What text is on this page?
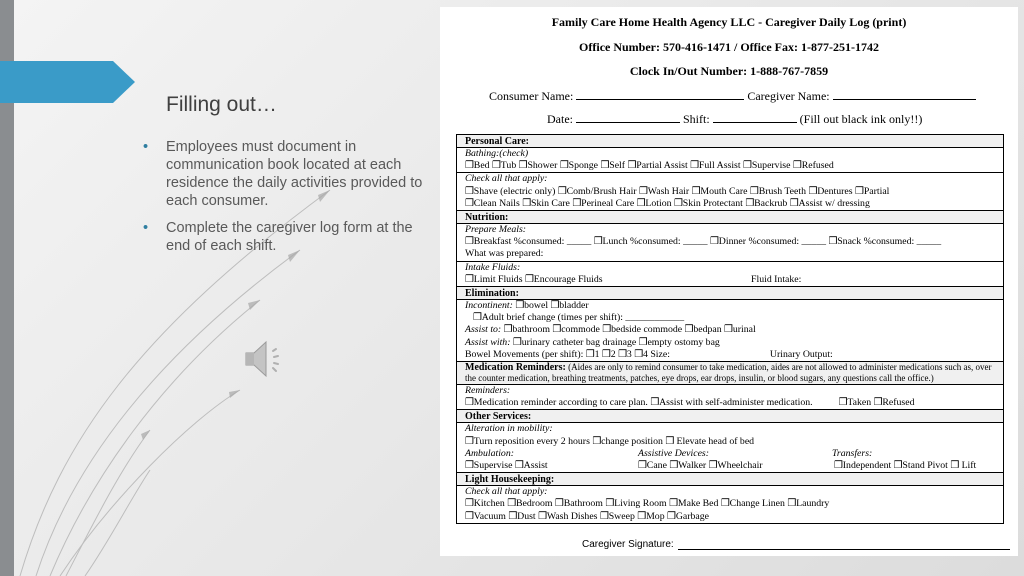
Filling out…
• Employees must document in communication book located at each residence the daily activities provided to each consumer.
• Complete the caregiver log form at the end of each shift.
Family Care Home Health Agency LLC - Caregiver Daily Log (print)
Office Number: 570-416-1471 / Office Fax: 1-877-251-1742
Clock In/Out Number: 1-888-767-7859
Consumer Name:	Caregiver Name:
Date:	Shift:	(Fill out black ink only!!)
Personal Care:
Bathing:(check)
❒Bed ❒Tub ❒Shower ❒Sponge ❒Self ❒Partial Assist ❒Full Assist ❒Supervise ❒Refused
Check all that apply:
❒Shave (electric only) ❒Comb/Brush Hair ❒Wash Hair ❒Mouth Care ❒Brush Teeth ❒Dentures ❒Partial
❒Clean Nails ❒Skin Care ❒Perineal Care ❒Lotion ❒Skin Protectant ❒Backrub ❒Assist w/ dressing
Nutrition:
Prepare Meals:
❒Breakfast %consumed: _____ ❒Lunch %consumed: _____ ❒Dinner %consumed: _____ ❒Snack %consumed: _____
What was prepared:
Intake Fluids:
❒Limit Fluids ❒Encourage Fluids	Fluid Intake:
Elimination:
Incontinent: ❒bowel ❒bladder
❒Adult brief change (times per shift): ____________
Assist to: ❒bathroom ❒commode ❒bedside commode ❒bedpan ❒urinal
Assist with: ❒urinary catheter bag drainage ❒empty ostomy bag
Bowel Movements (per shift): ❒1 ❒2 ❒3 ❒4 Size:	Urinary Output:
Medication Reminders: (Aides are only to remind consumer to take medication, aides are not allowed to administer medications such as, over the counter medication, breathing treatments, patches, eye drops, ear drops, insulin, or blood sugars, any questions call the office.)
Reminders:
❒Medication reminder according to care plan. ❒Assist with self-administer medication.	❒Taken ❒Refused
Other Services:
Alteration in mobility:
❒Turn reposition every 2 hours ❒change position ❒ Elevate head of bed
Ambulation:	Assistive Devices:	Transfers:
❒Supervise ❒Assist	❒Cane ❒Walker ❒Wheelchair	❒Independent ❒Stand Pivot ❒ Lift
Light Housekeeping:
Check all that apply:
❒Kitchen ❒Bedroom ❒Bathroom ❒Living Room ❒Make Bed ❒Change Linen ❒Laundry
❒Vacuum ❒Dust ❒Wash Dishes ❒Sweep ❒Mop ❒Garbage
Caregiver Signature:
